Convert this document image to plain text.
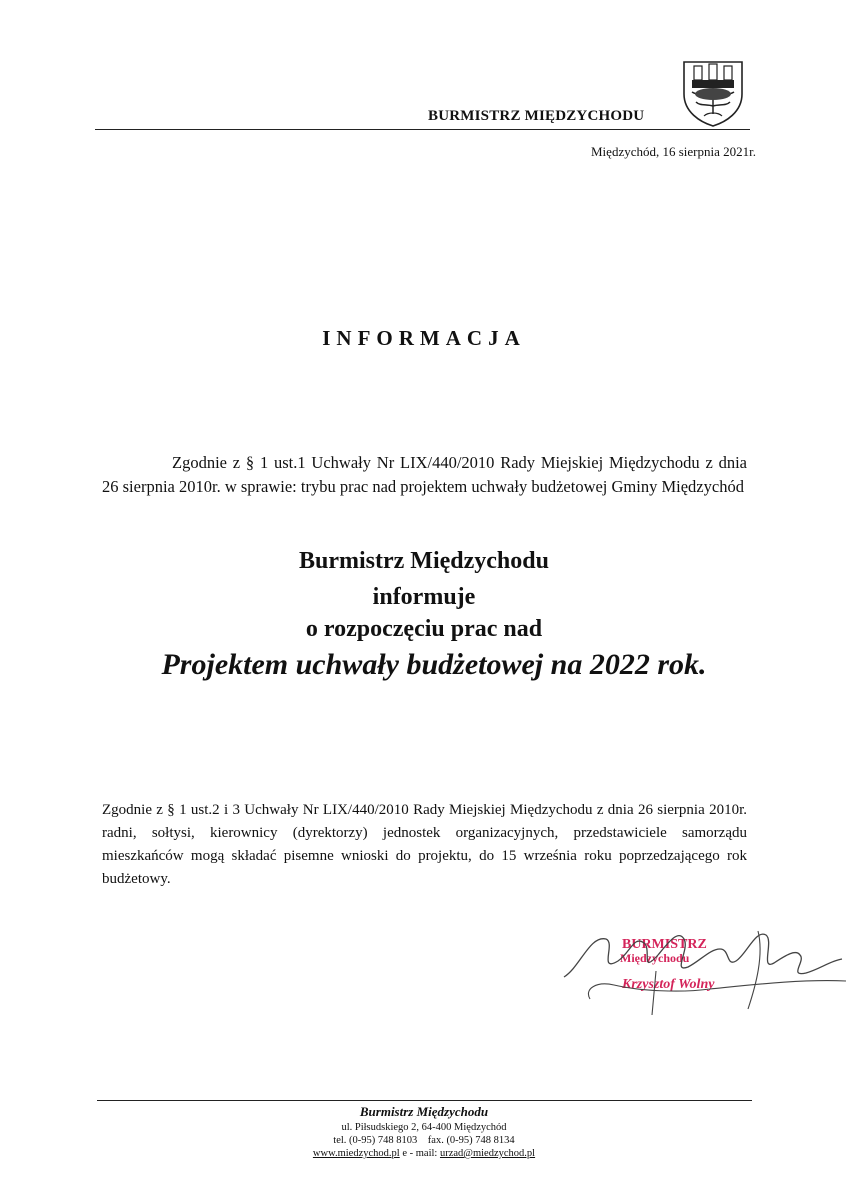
BURMISTRZ MIĘDZYCHODU
Międzychód, 16 sierpnia 2021r.
INFORMACJA
Zgodnie z § 1 ust.1 Uchwały Nr LIX/440/2010 Rady Miejskiej Międzychodu z dnia 26 sierpnia 2010r. w sprawie: trybu prac nad projektem uchwały budżetowej Gminy Międzychód
Burmistrz Międzychodu
informuje
o rozpoczęciu prac nad
Projektem uchwały budżetowej na 2022 rok.
Zgodnie z § 1 ust.2 i 3 Uchwały Nr LIX/440/2010 Rady Miejskiej Międzychodu z dnia 26 sierpnia 2010r. radni, sołtysi, kierownicy (dyrektorzy) jednostek organizacyjnych, przedstawiciele samorządu mieszkańców mogą składać pisemne wnioski do projektu, do 15 września roku poprzedzającego rok budżetowy.
BURMISTRZ
Międzychodu
Krzysztof Wolny
Burmistrz Międzychodu
ul. Piłsudskiego 2, 64-400 Międzychód
tel. (0-95) 748 8103    fax. (0-95) 748 8134
www.miedzychod.pl e - mail: urzad@miedzychod.pl
